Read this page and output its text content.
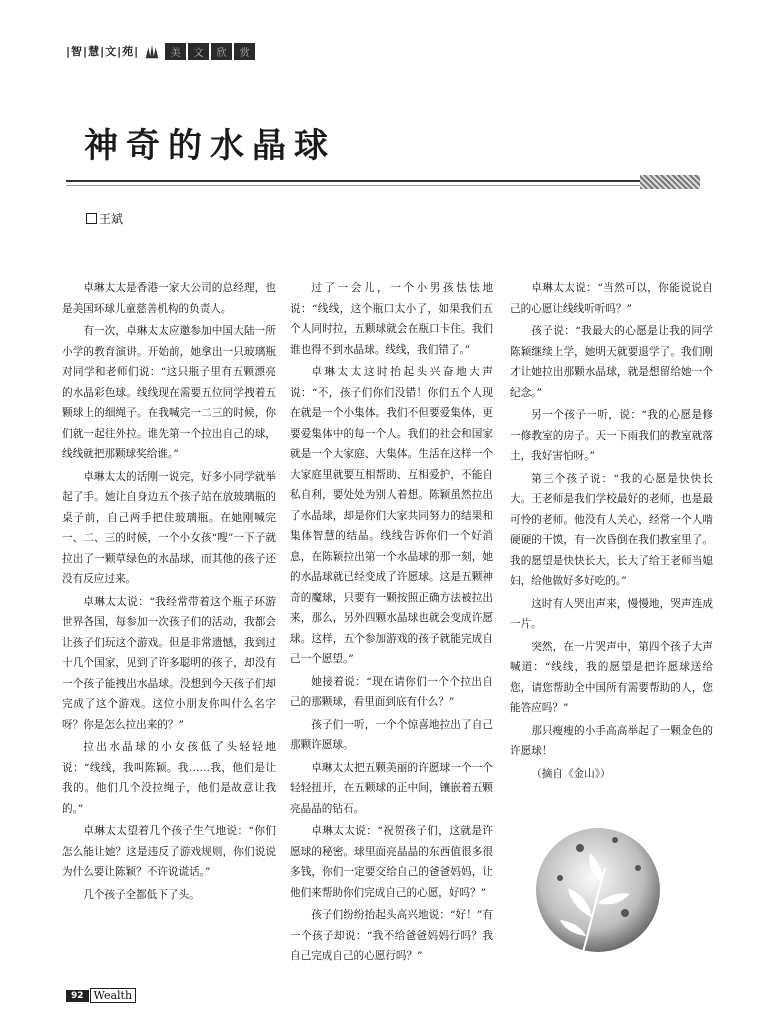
|智|慧|文|苑|	美	文	欣	赏
神奇的水晶球
王斌

卓琳太太是香港一家大公司的总经理，也是美国环球儿童慈善机构的负责人。

有一次，卓琳太太应邀参加中国大陆一所小学的教育演讲。开始前，她拿出一只玻璃瓶对同学和老师们说：“这只瓶子里有五颗漂亮的水晶彩色球。线线现在需要五位同学拽着五颗球上的细绳子。在我喊完一二三的时候，你们就一起往外拉。谁先第一个拉出自己的球，线线就把那颗球奖给谁。”

卓琳太太的话刚一说完，好多小同学就举起了手。她让自身边五个孩子站在放玻璃瓶的桌子前，自己两手把住玻璃瓶。在她刚喊完一、二、三的时候，一个小女孩“嗖”一下子就拉出了一颗草绿色的水晶球，而其他的孩子还没有反应过来。

卓琳太太说：“我经常带着这个瓶子环游世界各国，每参加一次孩子们的活动，我都会让孩子们玩这个游戏。但是非常遗憾，我到过十几个国家，见到了许多聪明的孩子，却没有一个孩子能拽出水晶球。没想到今天孩子们却完成了这个游戏。这位小朋友你叫什么名字呀？你是怎么拉出来的？”

拉出水晶球的小女孩低了头轻轻地说：“线线，我叫陈颖。我……我，他们是让我的。他们几个没拉绳子，他们是故意让我的。”

卓琳太太望着几个孩子生气地说：“你们怎么能让她？这是违反了游戏规则，你们说说为什么要让陈颖？不许说谎话。”

几个孩子全都低下了头。

过了一会儿，一个小男孩怯怯地说：“线线，这个瓶口太小了，如果我们五个人同时拉，五颗球就会在瓶口卡住。我们谁也得不到水晶球。线线，我们错了。”

卓琳太太这时抬起头兴奋地大声说：“不，孩子们你们没错！你们五个人现在就是一个小集体。我们不但要爱集体，更要爱集体中的每一个人。我们的社会和国家就是一个大家庭、大集体。生活在这样一个大家庭里就要互相帮助、互相爱护，不能自私自利，要处处为别人着想。陈颖虽然拉出了水晶球，却是你们大家共同努力的结果和集体智慧的结晶。线线告诉你们一个好消息，在陈颖拉出第一个水晶球的那一刻，她的水晶球就已经变成了许愿球。这是五颗神奇的魔球，只要有一颗按照正确方法被拉出来，那么，另外四颗水晶球也就会变成许愿球。这样，五个参加游戏的孩子就能完成自己一个愿望。”

她接着说：“现在请你们一个个拉出自己的那颗球，看里面到底有什么？”

孩子们一听，一个个惊喜地拉出了自己那颗许愿球。

卓琳太太把五颗美丽的许愿球一个一个轻轻扭开，在五颗球的正中间，镶嵌着五颗亮晶晶的钻石。

卓琳太太说：“祝贺孩子们，这就是许愿球的秘密。球里面亮晶晶的东西值很多很多钱，你们一定要交给自己的爸爸妈妈，让他们来帮助你们完成自己的心愿，好吗？”

孩子们纷纷抬起头高兴地说：“好！”有一个孩子却说：“我不给爸爸妈妈行吗？我自己完成自己的心愿行吗？”

卓琳太太说：“当然可以，你能说说自己的心愿让线线听听吗？”

孩子说：“我最大的心愿是让我的同学陈颖继续上学，她明天就要退学了。我们刚才让她拉出那颗水晶球，就是想留给她一个纪念。”

另一个孩子一听，说：“我的心愿是修一修教室的房子。天一下雨我们的教室就落土，我好害怕呀。”

第三个孩子说：“我的心愿是快快长大。王老师是我们学校最好的老师，也是最可怜的老师。他没有人关心，经常一个人啃硬硬的干馍，有一次昏倒在我们教室里了。我的愿望是快快长大，长大了给王老师当媳妇，给他做好多好吃的。”

这时有人哭出声来，慢慢地，哭声连成一片。

突然，在一片哭声中，第四个孩子大声喊道：“线线，我的愿望是把许愿球送给您，请您帮助全中国所有需要帮助的人，您能答应吗？”

那只瘦瘦的小手高高举起了一颗金色的许愿球！

（摘自《金山》）

92 Wealth
